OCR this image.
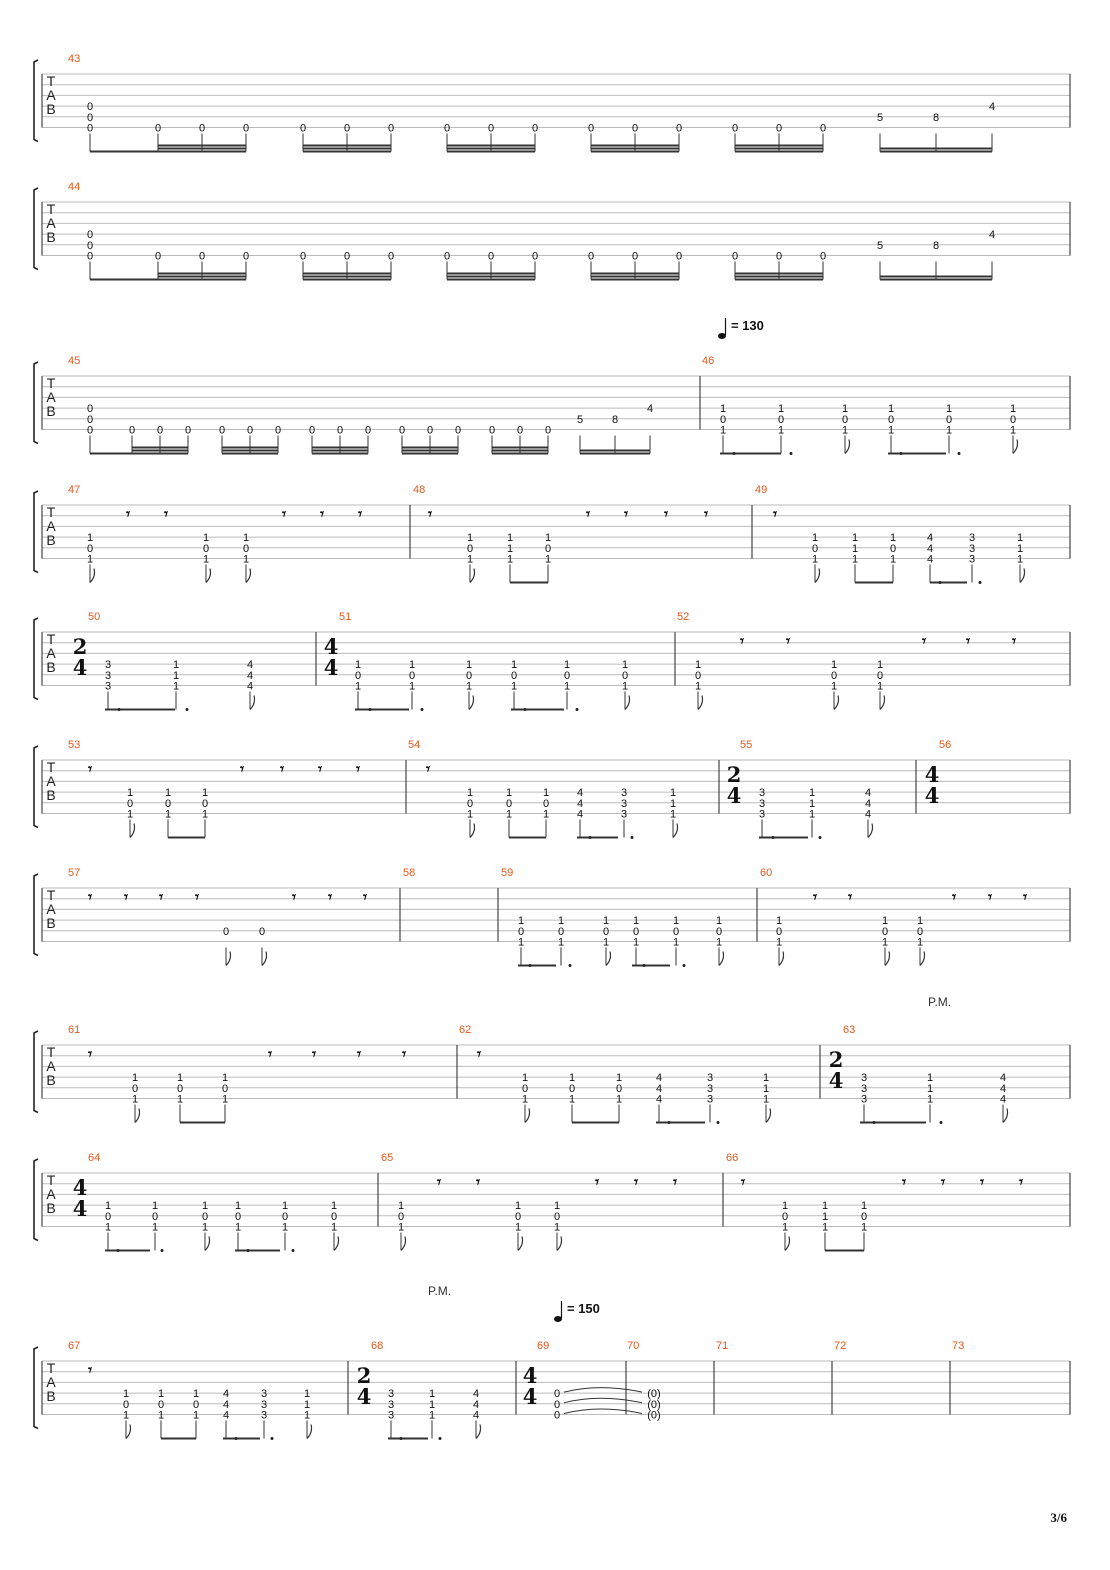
T
A
B
43
0
0
0	0	0	0	0	0	0	0	0	0	0	0	0	0	0	0
5	8
4
T
A
B
44
0
0
0	0	0	0	0	0	0	0	0	0	0	0	0	0	0	0
5	8
4
T
A
B
45	46
= 130
0
0
0	0 0 0	0 0 0	0 0 0	0 0 0	0 0 0
5	8
4	1
0
1
1
0
1
1
0
1
1
0
1
1
0
1
1
0
1
T
A
B
47	48	49
1
0
1
𝄾 𝄾
1
0
1
1
0
1
𝄾 𝄾 𝄾	𝄾
1
0
1
1
1
1
1
0
1
𝄾 𝄾 𝄾 𝄾	𝄾
1
0
1
1
1
1
1
0
1
4
4
4
3
3
3
1
1
1
T
A
B
50	51	52
2
4
4
4
3
3
3
1
1
1
4
4
4
1
0
1
1
0
1
1
0
1
1
0
1
1
0
1
1
0
1
1
0
1
𝄾	𝄾
1
0
1
1
0
1
𝄾	𝄾	𝄾
T
A
B
53	54	55	56
2
4
4
4
𝄾
1
0
1
1
0
1
1
0
1
𝄾 𝄾 𝄾 𝄾	𝄾
1
0
1
1
0
1
1
0
1
4
4
4
3
3
3
1
1
1
3
3
3
1
1
1
4
4
4
T
A
B
57	58	59	60
𝄾 𝄾 𝄾 𝄾
0	0
𝄾 𝄾 𝄾
1
0
1
1
0
1
1
0
1
1
0
1
1
0
1
1
0
1
1
0
1
𝄾 𝄾
1
0
1
1
0
1
𝄾 𝄾 𝄾
T
A
B
61	62	63
P.M.
2
4
𝄾
1
0
1
1
0
1
1
0
1
𝄾	𝄾	𝄾	𝄾	𝄾
1
0
1
1
0
1
1
0
1
4
4
4
3
3
3
1
1
1
3
3
3
1
1
1
4
4
4
T
A
B
64	65	66
4
4 1
0
1
1
0
1
1
0
1
1
0
1
1
0
1
1
0
1
1
0
1
𝄾 𝄾
1
0
1
1
0
1
𝄾 𝄾 𝄾	𝄾
1
0
1
1
1
1
1
0
1
𝄾 𝄾 𝄾 𝄾
T
A
B
67	68	69	70	71	72	73
P.M.
= 150
2
4
4
4
𝄾
1
0
1
1
0
1
1
0
1
4
4
4
3
3
3
1
1
1
3
3
3
1
1
1
4
4
4
0
0
0
(0)
(0)
(0)
3/6
